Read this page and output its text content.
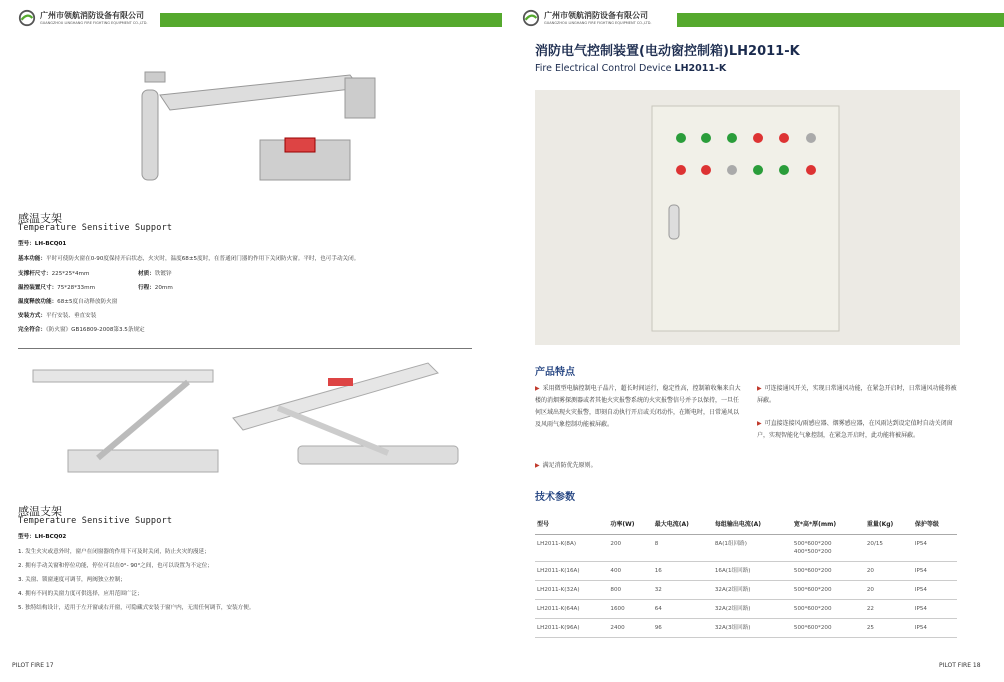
广州市领航消防设备有限公司
GUANGZHOU LINGHANG FIRE FIGHTING EQUIPMENT CO.,LTD.
感温支架
Temperature Sensitive Support
型号：LH-BCQ01
基本功能：平时可使防火窗在0-90度保持开启状态，火灾时，温度68±5度时，在普通闭门器的作用下关闭防火窗。平时，也可手动关闭。
支撑杆尺寸：225*25*4mm	材质：铁镀锌
温控装置尺寸：75*28*33mm	行程：20mm
温度释放功能：68±5度自动释放防火窗
安装方式：平行安装、垂直安装
完全符合：《防火窗》GB16809-2008第3.5条规定
感温支架
Temperature Sensitive Support
型号：LH-BCQ02
1. 发生火灾或意外时，窗户在闭窗器的作用下可及时关闭，防止火灾的漫延；
2. 拥有手动关窗和停位功能，停位可以在0°- 90°之间，也可以设置为不定位；
3. 关窗、锁窗速度可调节，两阀独立控制；
4. 拥有不同的关窗力度可供选择，应用范围广泛；
5. 独特结构设计，适用于左开窗或右开窗，可隐藏式安装于窗户内，无需任何调节，安装方便。
PILOT FIRE 17
广州市领航消防设备有限公司
GUANGZHOU LINGHANG FIRE FIGHTING EQUIPMENT CO.,LTD.
消防电气控制装置(电动窗控制箱)LH2011-K
Fire Electrical Control Device LH2011-K
产品特点
▶ 采用微型电脑控制电子晶片，超长时间运行，稳定性高，控制箱收集来自大楼的消烟雾探测器或者其他火灾报警系统的火灾报警信号并予以保持，一旦任何区域出现火灾报警，即刻自动执行开启或关闭动作，在断电时，日常通风以及风雨气象控制功能被屏蔽。
▶ 满足消防优先原则。
▶ 可连接通风开关，实现日常通风功能，在紧急开启时，日常通风功能将被屏蔽。
▶ 可直接连接风/雨感应器、烟雾感应器，在风雨达到设定值时自动关闭窗户，实现智能化气象控制，在紧急开启时，此功能将被屏蔽。
技术参数
型号	功率(W)	最大电流(A)	每组输出电流(A)	宽*高*厚(mm)	重量(Kg)	保护等级
LH2011-K(8A)	200	8	8A(1组回路)	500*600*200
400*500*200	20/15	IP54
LH2011-K(16A)	400	16	16A(1组回路)	500*600*200	20	IP54
LH2011-K(32A)	800	32	32A(2组回路)	500*600*200	20	IP54
LH2011-K(64A)	1600	64	32A(2组回路)	500*600*200	22	IP54
LH2011-K(96A)	2400	96	32A(3组回路)	500*600*200	25	IP54
PILOT FIRE 18
